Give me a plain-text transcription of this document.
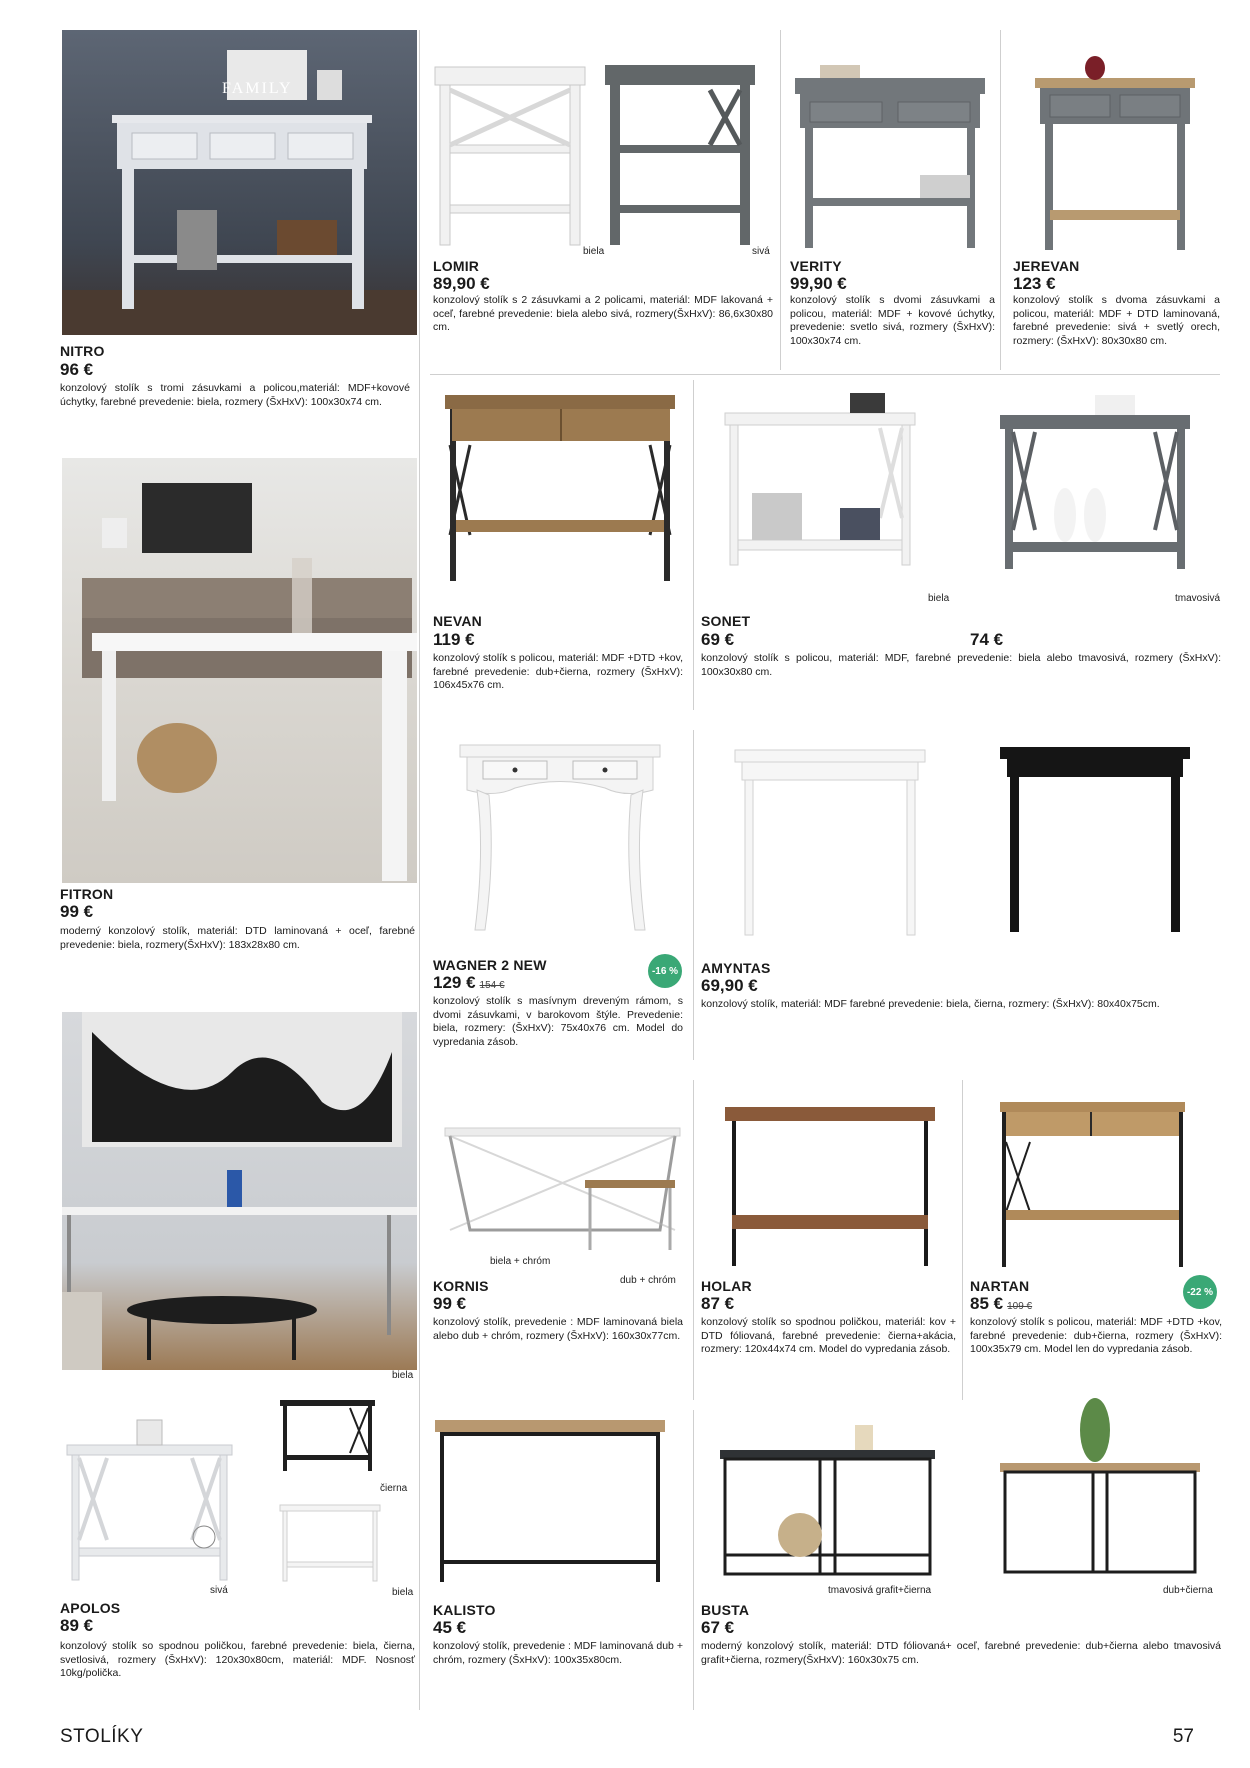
FAMILY
NITRO
96 €
konzolový stolík s tromi zásuvkami a policou,materiál: MDF+kovové úchytky, farebné prevedenie: biela, rozmery (ŠxHxV): 100x30x74 cm.
biela	sivá
LOMIR
89,90 €
konzolový stolík s 2 zásuvkami a 2 policami, materiál: MDF lakovaná + oceľ, farebné prevedenie: biela alebo sivá, rozmery(ŠxHxV): 86,6x30x80 cm.
VERITY
99,90 €
konzolový stolík s dvomi zásuvkami a policou, materiál: MDF + kovové úchytky, prevedenie: svetlo sivá, rozmery (ŠxHxV): 100x30x74 cm.
JEREVAN
123 €
konzolový stolík s dvoma zásuvkami a policou, materiál: MDF + DTD laminovaná, farebné prevedenie: sivá + svetlý orech, rozmery: (ŠxHxV): 80x30x80 cm.
FITRON
99 €
moderný konzolový stolík, materiál: DTD laminovaná + oceľ, farebné prevedenie: biela, rozmery(ŠxHxV): 183x28x80 cm.
NEVAN
119 €
konzolový stolík s policou, materiál: MDF +DTD +kov, farebné prevedenie: dub+čierna, rozmery (ŠxHxV): 106x45x76 cm.
biela	tmavosivá
SONET
69 €	74 €
konzolový stolík s policou, materiál: MDF, farebné prevedenie: biela alebo tmavosivá, rozmery (ŠxHxV): 100x30x80 cm.
-16 %
WAGNER 2 NEW
129 € 154 €
konzolový stolík s masívnym dreveným rámom, s dvomi zásuvkami, v barokovom štýle. Prevedenie: biela, rozmery: (ŠxHxV): 75x40x76 cm. Model do vypredania zásob.
AMYNTAS
69,90 €
konzolový stolík, materiál: MDF farebné prevedenie: biela, čierna, rozmery: (ŠxHxV): 80x40x75cm.
biela + chróm
dub + chróm
KORNIS
99 €
konzolový stolík, prevedenie : MDF laminovaná biela alebo dub + chróm, rozmery (ŠxHxV): 160x30x77cm.
HOLAR
87 €
konzolový stolík so spodnou poličkou, materiál: kov + DTD fóliovaná, farebné prevedenie: čierna+akácia, rozmery: 120x44x74 cm. Model do vypredania zásob.
-22 %
NARTAN
85 € 109 €
konzolový stolík s policou, materiál: MDF +DTD +kov, farebné prevedenie: dub+čierna, rozmery (ŠxHxV): 100x35x79 cm. Model len do vypredania zásob.
biela
čierna
sivá	biela
APOLOS
89 €
konzolový stolík so spodnou poličkou, farebné prevedenie: biela, čierna, svetlosivá, rozmery (ŠxHxV): 120x30x80cm, materiál: MDF. Nosnosť 10kg/polička.
KALISTO
45 €
konzolový stolík, prevedenie : MDF laminovaná dub + chróm, rozmery (ŠxHxV): 100x35x80cm.
tmavosivá grafit+čierna	dub+čierna
BUSTA
67 €
moderný konzolový stolík, materiál: DTD fóliovaná+ oceľ, farebné prevedenie: dub+čierna alebo tmavosivá grafit+čierna, rozmery(ŠxHxV): 160x30x75 cm.
STOLÍKY	57
